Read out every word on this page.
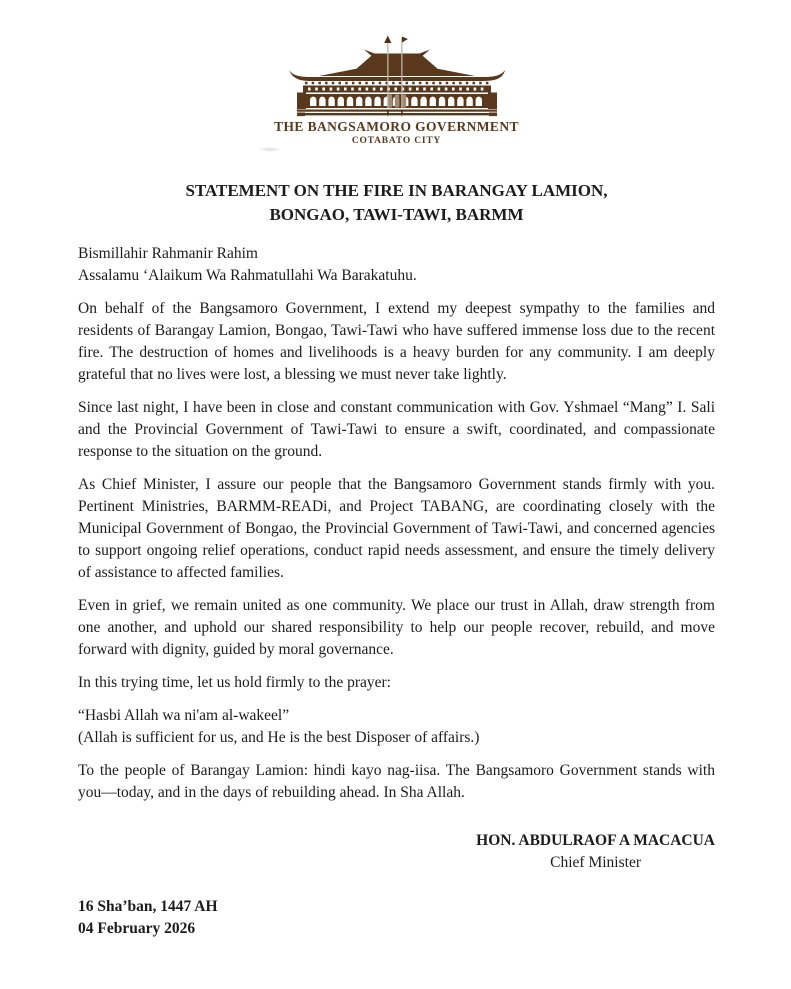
THE BANGSAMORO GOVERNMENT
COTABATO CITY
STATEMENT ON THE FIRE IN BARANGAY LAMION,
BONGAO, TAWI-TAWI, BARMM
Bismillahir Rahmanir Rahim
Assalamu ‘Alaikum Wa Rahmatullahi Wa Barakatuhu.

On behalf of the Bangsamoro Government, I extend my deepest sympathy to the families and residents of Barangay Lamion, Bongao, Tawi-Tawi who have suffered immense loss due to the recent fire. The destruction of homes and livelihoods is a heavy burden for any community. I am deeply grateful that no lives were lost, a blessing we must never take lightly.

Since last night, I have been in close and constant communication with Gov. Yshmael “Mang” I. Sali and the Provincial Government of Tawi-Tawi to ensure a swift, coordinated, and compassionate response to the situation on the ground.

As Chief Minister, I assure our people that the Bangsamoro Government stands firmly with you. Pertinent Ministries, BARMM-READi, and Project TABANG, are coordinating closely with the Municipal Government of Bongao, the Provincial Government of Tawi-Tawi, and concerned agencies to support ongoing relief operations, conduct rapid needs assessment, and ensure the timely delivery of assistance to affected families.

Even in grief, we remain united as one community. We place our trust in Allah, draw strength from one another, and uphold our shared responsibility to help our people recover, rebuild, and move forward with dignity, guided by moral governance.

In this trying time, let us hold firmly to the prayer:

“Hasbi Allah wa ni'am al-wakeel”
(Allah is sufficient for us, and He is the best Disposer of affairs.)

To the people of Barangay Lamion: hindi kayo nag-iisa. The Bangsamoro Government stands with you—today, and in the days of rebuilding ahead. In Sha Allah.

HON. ABDULRAOF A MACACUA
Chief Minister
16 Sha’ban, 1447 AH
04 February 2026
